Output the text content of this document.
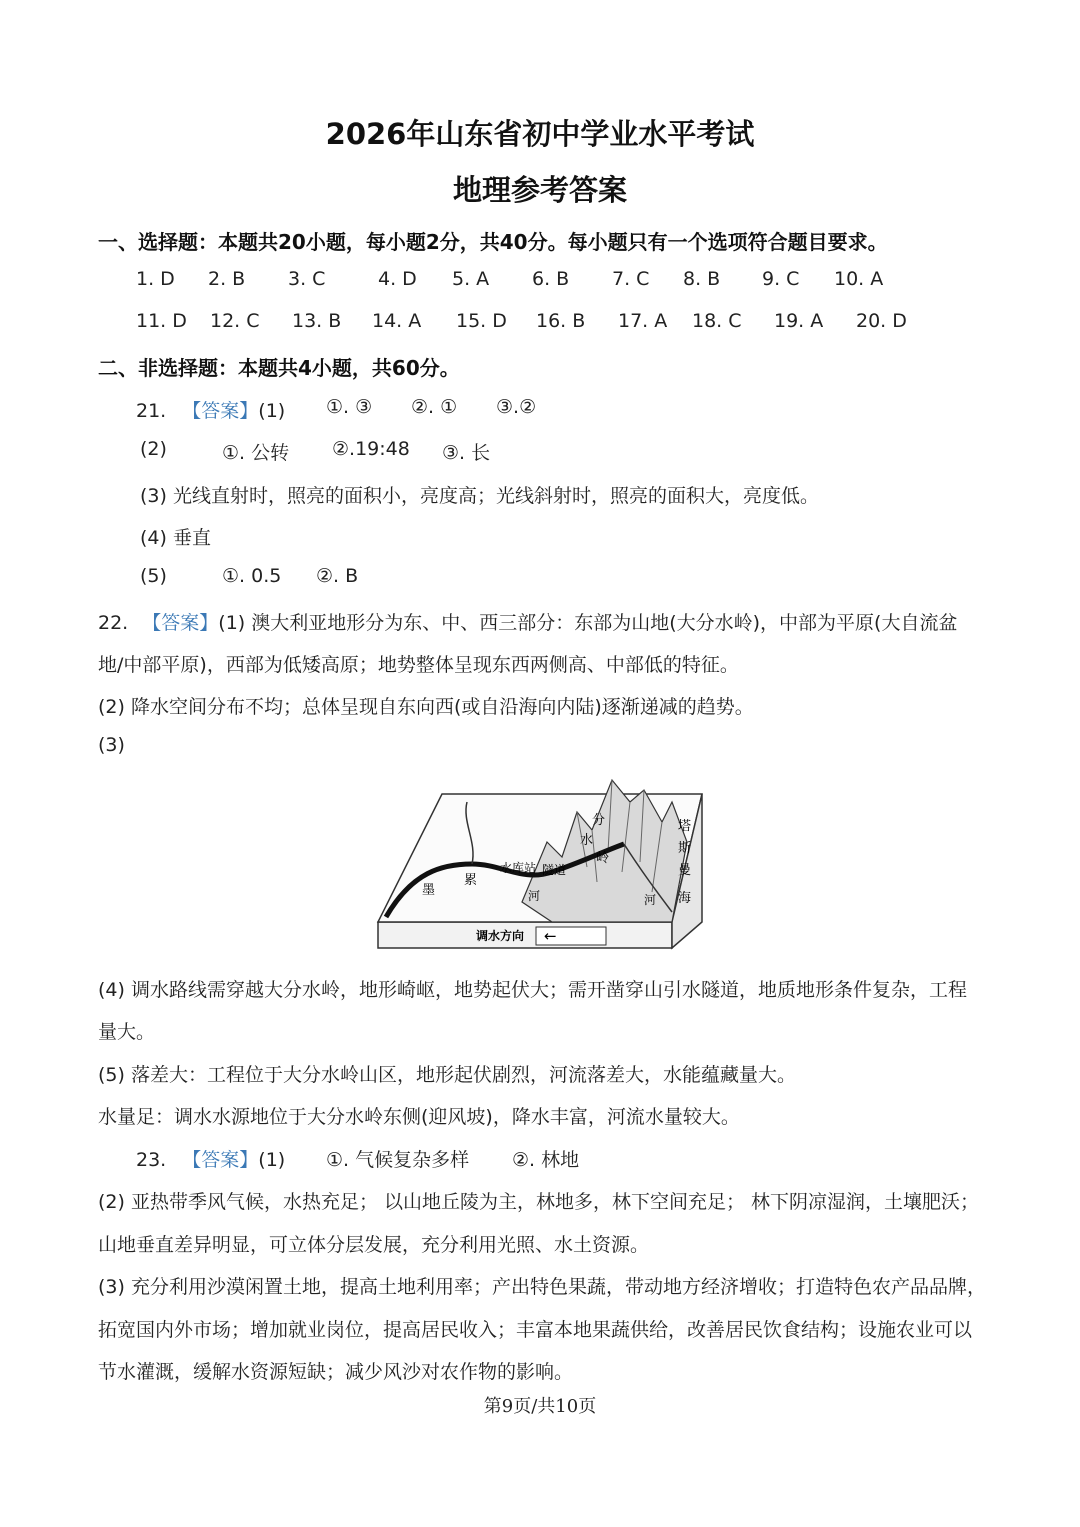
2026年山东省初中学业水平考试
地理参考答案
一、选择题：本题共20小题，每小题2分，共40分。每小题只有一个选项符合题目要求。
1. D 2. B 3. C	4. D 5. A 6. B 7. C 8. B 9. C 10. A
11. D 12. C 13. B 14. A 15. D 16. B 17. A 18. C 19. A 20. D
二、非选择题：本题共4小题，共60分。
21. 【答案】(1) ①. ③ ②. ① ③.②
(2)	①. 公转 ②.19:48 ③. 长
(3) 光线直射时，照亮的面积小，亮度高；光线斜射时，照亮的面积大，亮度低。
(4) 垂直
(5)	①. 0.5 ②. B
22. 【答案】(1) 澳大利亚地形分为东、中、西三部分：东部为山地(大分水岭)，中部为平原(大自流盆
地/中部平原)，西部为低矮高原；地势整体呈现东西两侧高、中部低的特征。
(2) 降水空间分布不均；总体呈现自东向西(或自沿海向内陆)逐渐递减的趋势。
(3)
墨
累
水库站
分
水
岭
隧道
塔
斯
曼
海
河	河
调水方向 ←
(4) 调水路线需穿越大分水岭，地形崎岖，地势起伏大；需开凿穿山引水隧道，地质地形条件复杂，工程
量大。
(5) 落差大：工程位于大分水岭山区，地形起伏剧烈，河流落差大，水能蕴藏量大。
水量足：调水水源地位于大分水岭东侧(迎风坡)，降水丰富，河流水量较大。
23. 【答案】(1) ①. 气候复杂多样 ②. 林地
(2) 亚热带季风气候，水热充足； 以山地丘陵为主，林地多，林下空间充足； 林下阴凉湿润，土壤肥沃；
山地垂直差异明显，可立体分层发展，充分利用光照、水土资源。
(3) 充分利用沙漠闲置土地，提高土地利用率；产出特色果蔬，带动地方经济增收；打造特色农产品品牌，
拓宽国内外市场；增加就业岗位，提高居民收入；丰富本地果蔬供给，改善居民饮食结构；设施农业可以
节水灌溉，缓解水资源短缺；减少风沙对农作物的影响。
第9页/共10页
